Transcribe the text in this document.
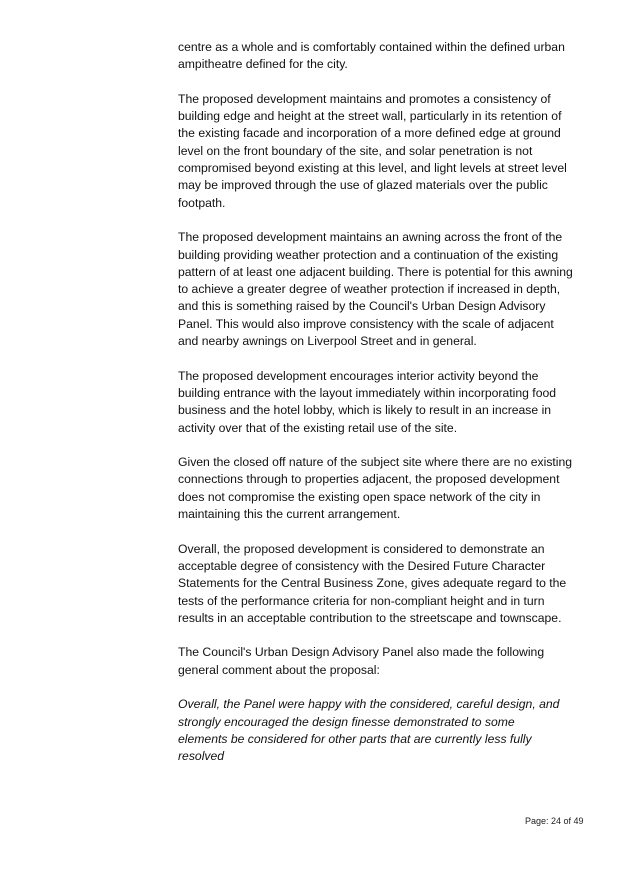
centre as a whole and is comfortably contained within the defined urban
ampitheatre defined for the city.

The proposed development maintains and promotes a consistency of
building edge and height at the street wall, particularly in its retention of
the existing facade and incorporation of a more defined edge at ground
level on the front boundary of the site, and solar penetration is not
compromised beyond existing at this level, and light levels at street level
may be improved through the use of glazed materials over the public
footpath.

The proposed development maintains an awning across the front of the
building providing weather protection and a continuation of the existing
pattern of at least one adjacent building. There is potential for this awning
to achieve a greater degree of weather protection if increased in depth,
and this is something raised by the Council's Urban Design Advisory
Panel. This would also improve consistency with the scale of adjacent
and nearby awnings on Liverpool Street and in general.

The proposed development encourages interior activity beyond the
building entrance with the layout immediately within incorporating food
business and the hotel lobby, which is likely to result in an increase in
activity over that of the existing retail use of the site.

Given the closed off nature of the subject site where there are no existing
connections through to properties adjacent, the proposed development
does not compromise the existing open space network of the city in
maintaining this the current arrangement.

Overall, the proposed development is considered to demonstrate an
acceptable degree of consistency with the Desired Future Character
Statements for the Central Business Zone, gives adequate regard to the
tests of the performance criteria for non-compliant height and in turn
results in an acceptable contribution to the streetscape and townscape.

The Council's Urban Design Advisory Panel also made the following
general comment about the proposal:

Overall, the Panel were happy with the considered, careful design, and
strongly encouraged the design finesse demonstrated to some
elements be considered for other parts that are currently less fully
resolved

Page: 24 of 49
